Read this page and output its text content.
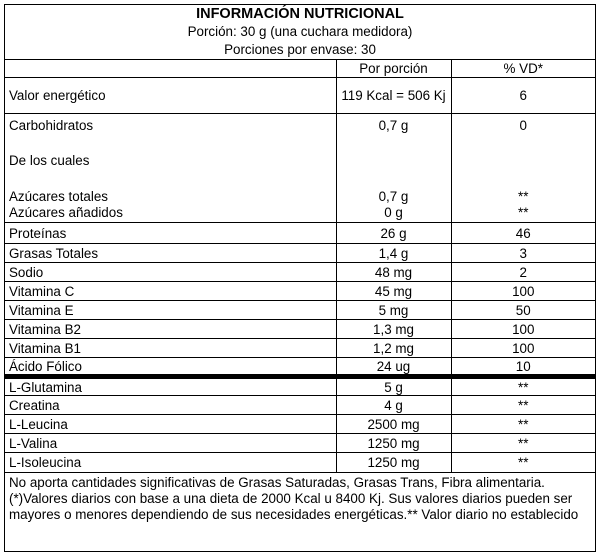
INFORMACIÓN NUTRICIONAL		
Porción: 30 g (una cuchara medidora)		
Porciones por envase: 30		
	Por porción	% VD*
Valor energético	119 Kcal = 506 Kj	6
Carbohidratos	0,7 g	0
De los cuales		
Azúcares totales	0,7 g	**
Azúcares añadidos	0 g	**
Proteínas	26 g	46
Grasas Totales	1,4 g	3
Sodio	48 mg	2
Vitamina C	45 mg	100
Vitamina E	5 mg	50
Vitamina B2	1,3 mg	100
Vitamina B1	1,2 mg	100
Ácido Fólico	24 ug	10
L-Glutamina	5 g	**
Creatina	4 g	**
L-Leucina	2500 mg	**
L-Valina	1250 mg	**
L-Isoleucina	1250 mg	**
No aporta cantidades significativas de Grasas Saturadas, Grasas Trans, Fibra alimentaria. (*)Valores diarios con base a una dieta de 2000 Kcal u 8400 Kj. Sus valores diarios pueden ser mayores o menores dependiendo de sus necesidades energéticas.** Valor diario no establecido
